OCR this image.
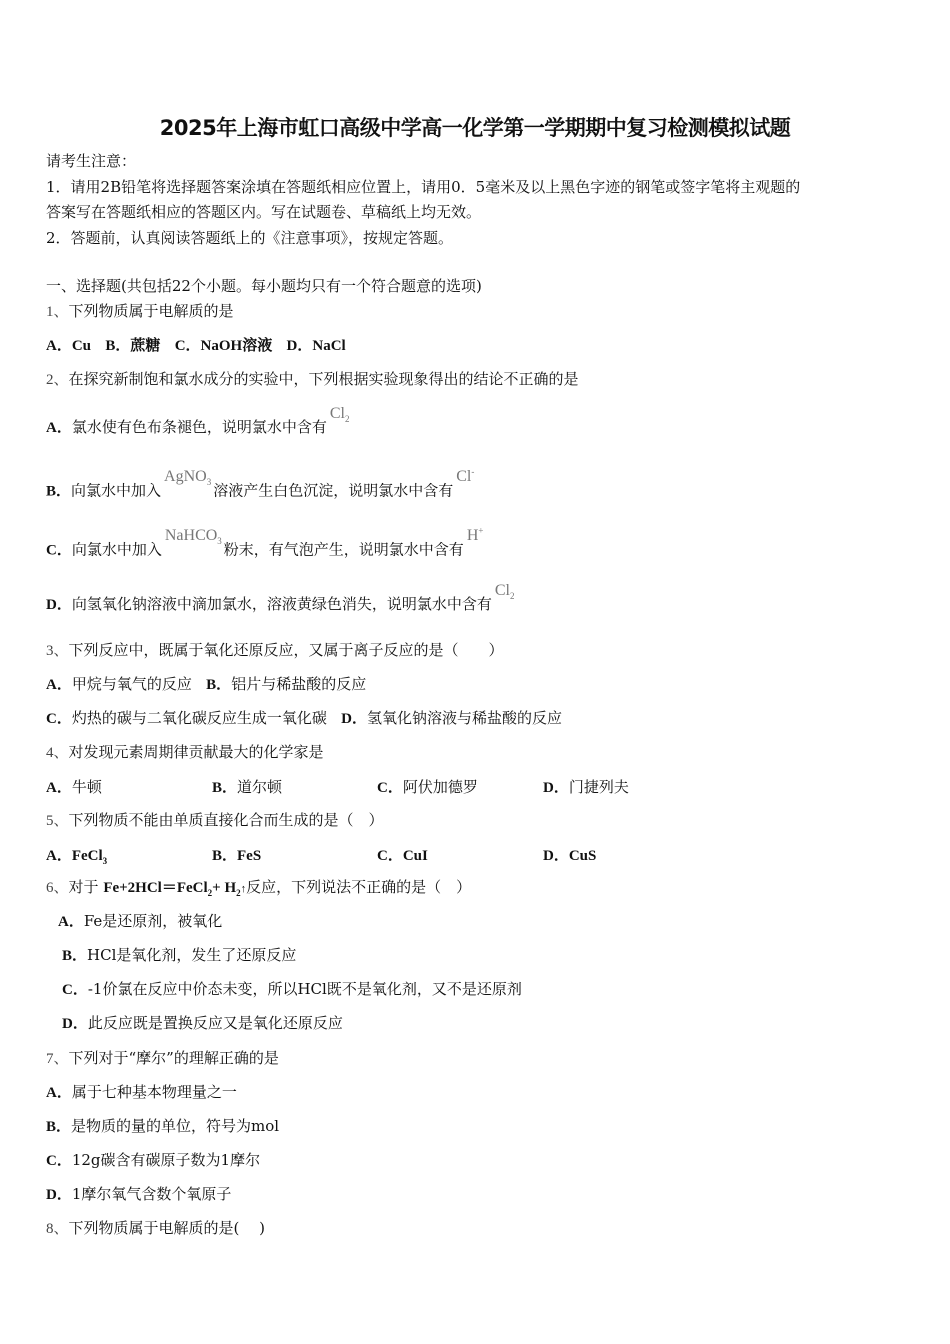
2025年上海市虹口高级中学高一化学第一学期期中复习检测模拟试题
请考生注意：
1．请用2B铅笔将选择题答案涂填在答题纸相应位置上，请用0．5毫米及以上黑色字迹的钢笔或签字笔将主观题的
答案写在答题纸相应的答题区内。写在试题卷、草稿纸上均无效。
2．答题前，认真阅读答题纸上的《注意事项》，按规定答题。
一、选择题(共包括22个小题。每小题均只有一个符合题意的选项)
1、下列物质属于电解质的是
A．Cu B．蔗糖 C．NaOH溶液 D．NaCl
2、在探究新制饱和氯水成分的实验中，下列根据实验现象得出的结论不正确的是
A．氯水使有色布条褪色，说明氯水中含有$Cl_2$
B．向氯水中加入AgNO$_3$ 溶液产生白色沉淀，说明氯水中含有Cl-
C．向氯水中加入NaHCO$_3$ 粉末，有气泡产生，说明氯水中含有H+
D．向氢氧化钠溶液中滴加氯水，溶液黄绿色消失，说明氯水中含有$Cl_2$
3、下列反应中，既属于氧化还原反应，又属于离子反应的是（　　）
A．甲烷与氧气的反应 B．铝片与稀盐酸的反应
C．灼热的碳与二氧化碳反应生成一氧化碳 D．氢氧化钠溶液与稀盐酸的反应
4、对发现元素周期律贡献最大的化学家是
A．牛顿	B．道尔顿	C．阿伏加德罗	D．门捷列夫
5、下列物质不能由单质直接化合而生成的是（　）
A．FeCl$_3$	B．FeS	C．CuI	D．CuS
6、对于 Fe+2HCl＝FeCl$_2$+ $H_2↑$反应，下列说法不正确的是（　）
A．Fe是还原剂，被氧化
B．HCl是氧化剂，发生了还原反应
C．-1价氯在反应中价态未变，所以HCl既不是氧化剂，又不是还原剂
D．此反应既是置换反应又是氧化还原反应
7、下列对于“摩尔”的理解正确的是
A．属于七种基本物理量之一
B．是物质的量的单位，符号为mol
C．12g碳含有碳原子数为1摩尔
D．1摩尔氧气含数个氧原子
8、下列物质属于电解质的是(　 )
